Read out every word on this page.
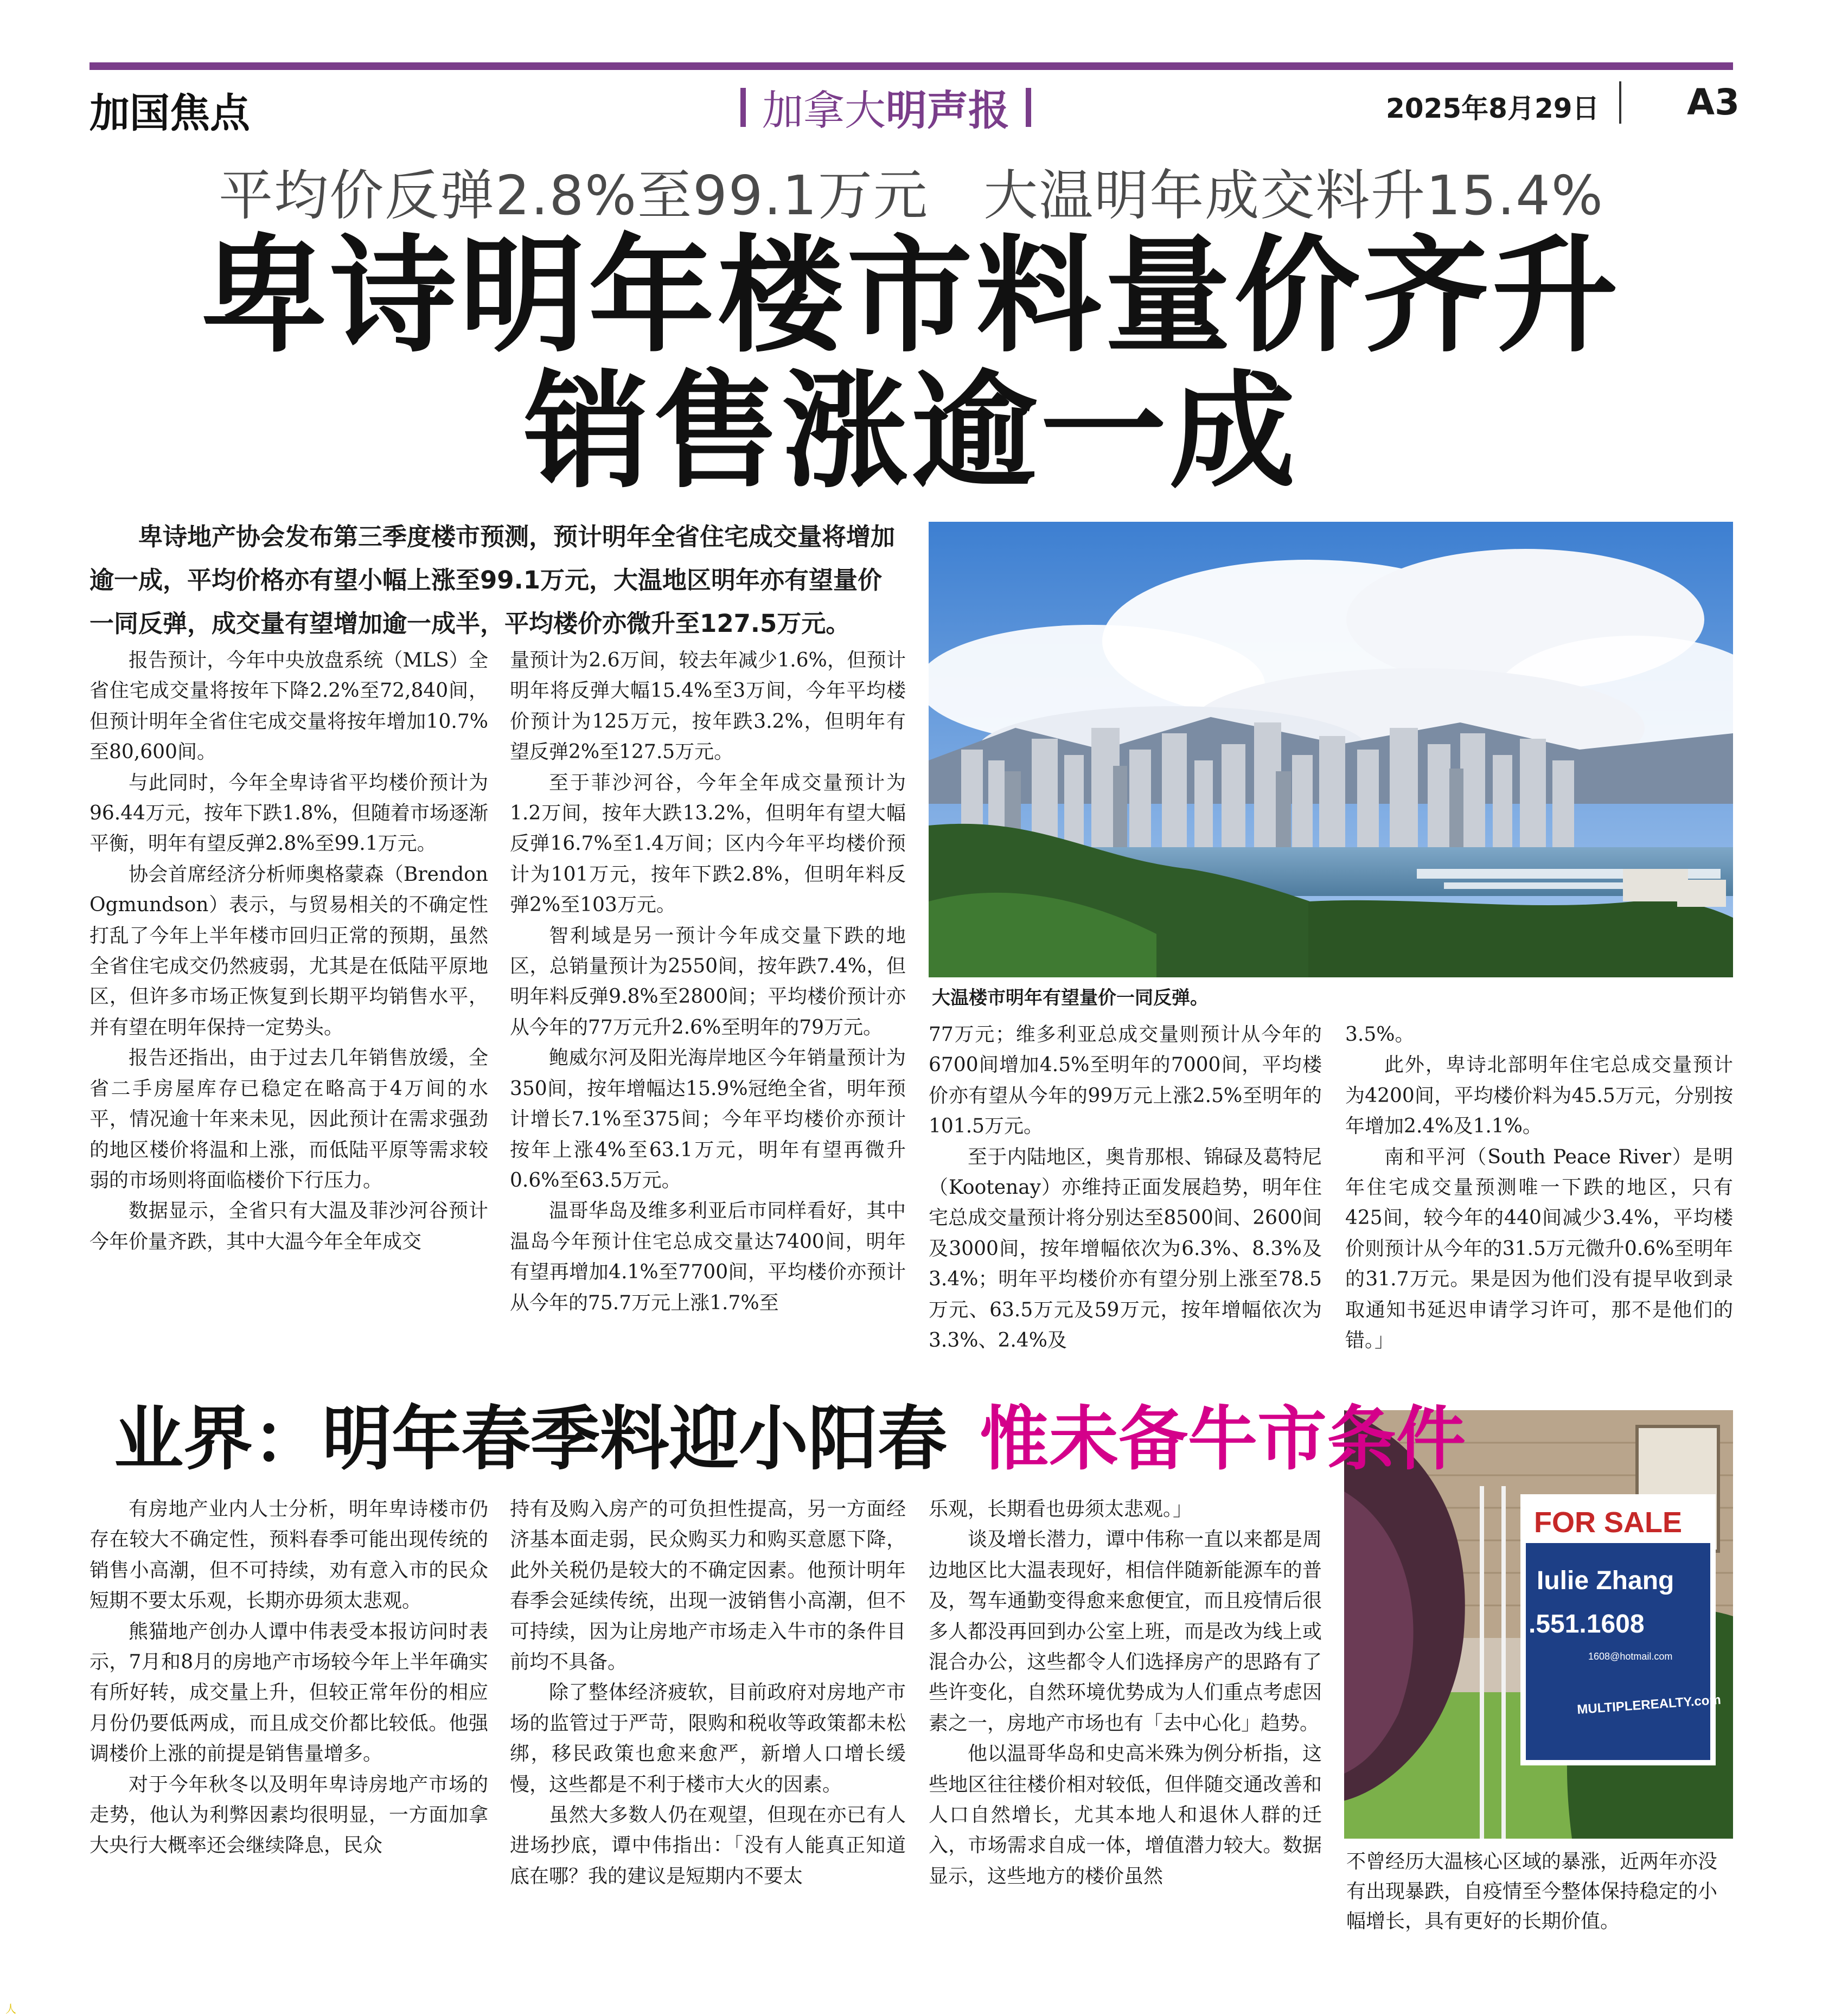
加国焦点	加拿大明声报	2025年8月29日 A3
平均价反弹2.8%至99.1万元   大温明年成交料升15.4%
卑诗明年楼市料量价齐升
销售涨逾一成
卑诗地产协会发布第三季度楼市预测，预计明年全省住宅成交量将增加逾一成，平均价格亦有望小幅上涨至99.1万元，大温地区明年亦有望量价一同反弹，成交量有望增加逾一成半，平均楼价亦微升至127.5万元。

报告预计，今年中央放盘系统（MLS）全省住宅成交量将按年下降2.2%至72,840间，但预计明年全省住宅成交量将按年增加10.7%至80,600间。

与此同时，今年全卑诗省平均楼价预计为96.44万元，按年下跌1.8%，但随着市场逐渐平衡，明年有望反弹2.8%至99.1万元。

协会首席经济分析师奥格蒙森（Brendon Ogmundson）表示，与贸易相关的不确定性打乱了今年上半年楼市回归正常的预期，虽然全省住宅成交仍然疲弱，尤其是在低陆平原地区，但许多市场正恢复到长期平均销售水平，并有望在明年保持一定势头。

报告还指出，由于过去几年销售放缓，全省二手房屋库存已稳定在略高于4万间的水平，情况逾十年来未见，因此预计在需求强劲的地区楼价将温和上涨，而低陆平原等需求较弱的市场则将面临楼价下行压力。

数据显示，全省只有大温及菲沙河谷预计今年价量齐跌，其中大温今年全年成交

量预计为2.6万间，较去年减少1.6%，但预计明年将反弹大幅15.4%至3万间，今年平均楼价预计为125万元，按年跌3.2%，但明年有望反弹2%至127.5万元。

至于菲沙河谷，今年全年成交量预计为1.2万间，按年大跌13.2%，但明年有望大幅反弹16.7%至1.4万间；区内今年平均楼价预计为101万元，按年下跌2.8%，但明年料反弹2%至103万元。

智利域是另一预计今年成交量下跌的地区，总销量预计为2550间，按年跌7.4%，但明年料反弹9.8%至2800间；平均楼价预计亦从今年的77万元升2.6%至明年的79万元。

鲍威尔河及阳光海岸地区今年销量预计为350间，按年增幅达15.9%冠绝全省，明年预计增长7.1%至375间；今年平均楼价亦预计按年上涨4%至63.1万元，明年有望再微升0.6%至63.5万元。

温哥华岛及维多利亚后市同样看好，其中温岛今年预计住宅总成交量达7400间，明年有望再增加4.1%至7700间，平均楼价亦预计从今年的75.7万元上涨1.7%至

大温楼市明年有望量价一同反弹。

77万元；维多利亚总成交量则预计从今年的6700间增加4.5%至明年的7000间，平均楼价亦有望从今年的99万元上涨2.5%至明年的101.5万元。

至于内陆地区，奥肯那根、锦碌及葛特尼（Kootenay）亦维持正面发展趋势，明年住宅总成交量预计将分别达至8500间、2600间及3000间，按年增幅依次为6.3%、8.3%及3.4%；明年平均楼价亦有望分别上涨至78.5万元、63.5万元及59万元，按年增幅依次为3.3%、2.4%及

3.5%。

此外，卑诗北部明年住宅总成交量预计为4200间，平均楼价料为45.5万元，分别按年增加2.4%及1.1%。

南和平河（South Peace River）是明年住宅成交量预测唯一下跌的地区，只有425间，较今年的440间减少3.4%，平均楼价则预计从今年的31.5万元微升0.6%至明年的31.7万元。果是因为他们没有提早收到录取通知书延迟申请学习许可，那不是他们的错。」

FOR SALE
Iulie Zhang
.551.1608
1608@hotmail.com
MULTIPLEREALTY.com
业界：明年春季料迎小阳春 惟未备牛市条件

有房地产业内人士分析，明年卑诗楼市仍存在较大不确定性，预料春季可能出现传统的销售小高潮，但不可持续，劝有意入市的民众短期不要太乐观，长期亦毋须太悲观。

熊猫地产创办人谭中伟表受本报访问时表示，7月和8月的房地产市场较今年上半年确实有所好转，成交量上升，但较正常年份的相应月份仍要低两成，而且成交价都比较低。他强调楼价上涨的前提是销售量增多。

对于今年秋冬以及明年卑诗房地产市场的走势，他认为利弊因素均很明显，一方面加拿大央行大概率还会继续降息，民众

持有及购入房产的可负担性提高，另一方面经济基本面走弱，民众购买力和购买意愿下降，此外关税仍是较大的不确定因素。他预计明年春季会延续传统，出现一波销售小高潮，但不可持续，因为让房地产市场走入牛市的条件目前均不具备。

除了整体经济疲软，目前政府对房地产市场的监管过于严苛，限购和税收等政策都未松绑，移民政策也愈来愈严，新增人口增长缓慢，这些都是不利于楼市大火的因素。

虽然大多数人仍在观望，但现在亦已有人进场抄底，谭中伟指出：「没有人能真正知道底在哪？我的建议是短期内不要太

乐观，长期看也毋须太悲观。」

谈及增长潜力，谭中伟称一直以来都是周边地区比大温表现好，相信伴随新能源车的普及，驾车通勤变得愈来愈便宜，而且疫情后很多人都没再回到办公室上班，而是改为线上或混合办公，这些都令人们选择房产的思路有了些许变化，自然环境优势成为人们重点考虑因素之一，房地产市场也有「去中心化」趋势。

他以温哥华岛和史高米殊为例分析指，这些地区往往楼价相对较低，但伴随交通改善和人口自然增长，尤其本地人和退休人群的迁入，市场需求自成一体，增值潜力较大。数据显示，这些地方的楼价虽然

不曾经历大温核心区域的暴涨，近两年亦没有出现暴跌，自疫情至今整体保持稳定的小幅增长，具有更好的长期价值。
人
